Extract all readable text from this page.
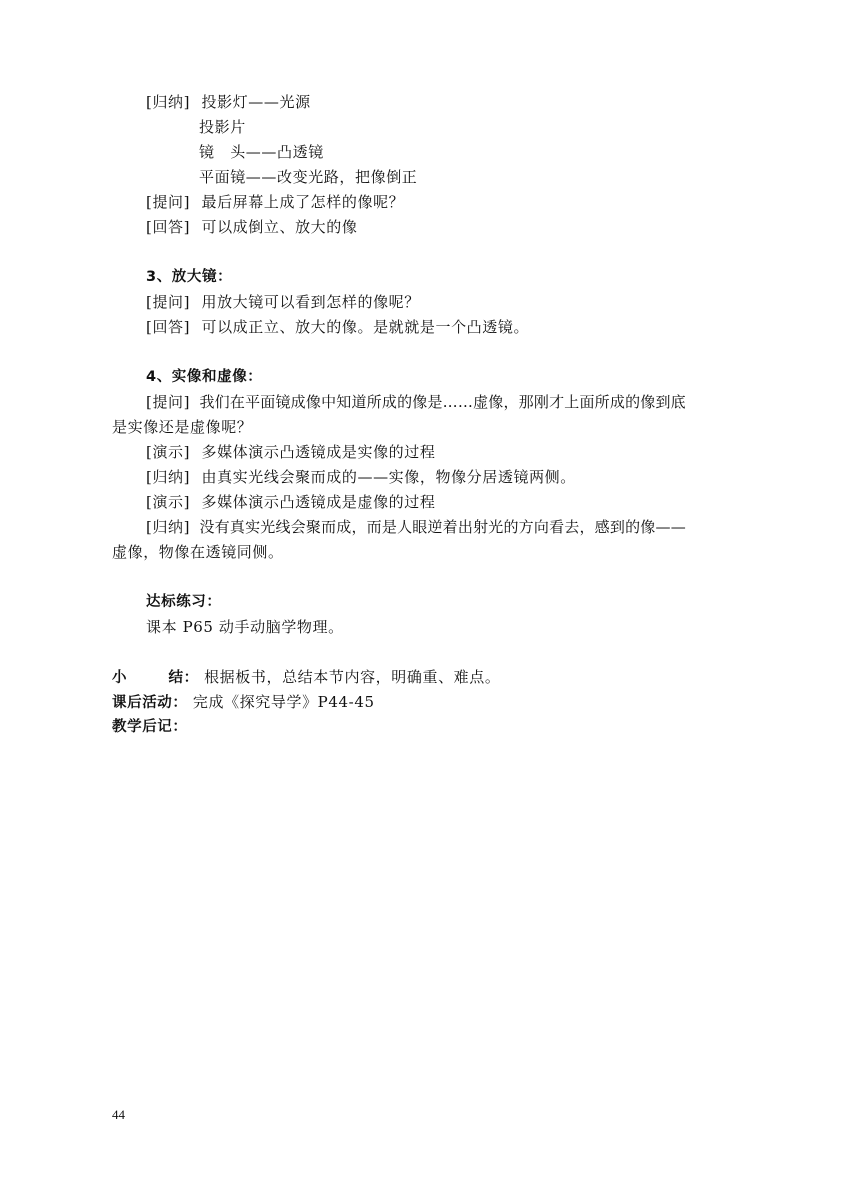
[归纳] 投影灯——光源
投影片
镜　头——凸透镜
平面镜——改变光路，把像倒正
[提问] 最后屏幕上成了怎样的像呢？
[回答] 可以成倒立、放大的像
3、放大镜：
[提问] 用放大镜可以看到怎样的像呢？
[回答] 可以成正立、放大的像。是就就是一个凸透镜。
4、实像和虚像：
[提问] 我们在平面镜成像中知道所成的像是……虚像，那刚才上面所成的像到底
是实像还是虚像呢？
[演示] 多媒体演示凸透镜成是实像的过程
[归纳] 由真实光线会聚而成的——实像，物像分居透镜两侧。
[演示] 多媒体演示凸透镜成是虚像的过程
[归纳] 没有真实光线会聚而成，而是人眼逆着出射光的方向看去，感到的像——
虚像，物像在透镜同侧。
达标练习：
课本 P65 动手动脑学物理。
小	结： 根据板书，总结本节内容，明确重、难点。
课后活动： 完成《探究导学》P44-45
教学后记：
44
